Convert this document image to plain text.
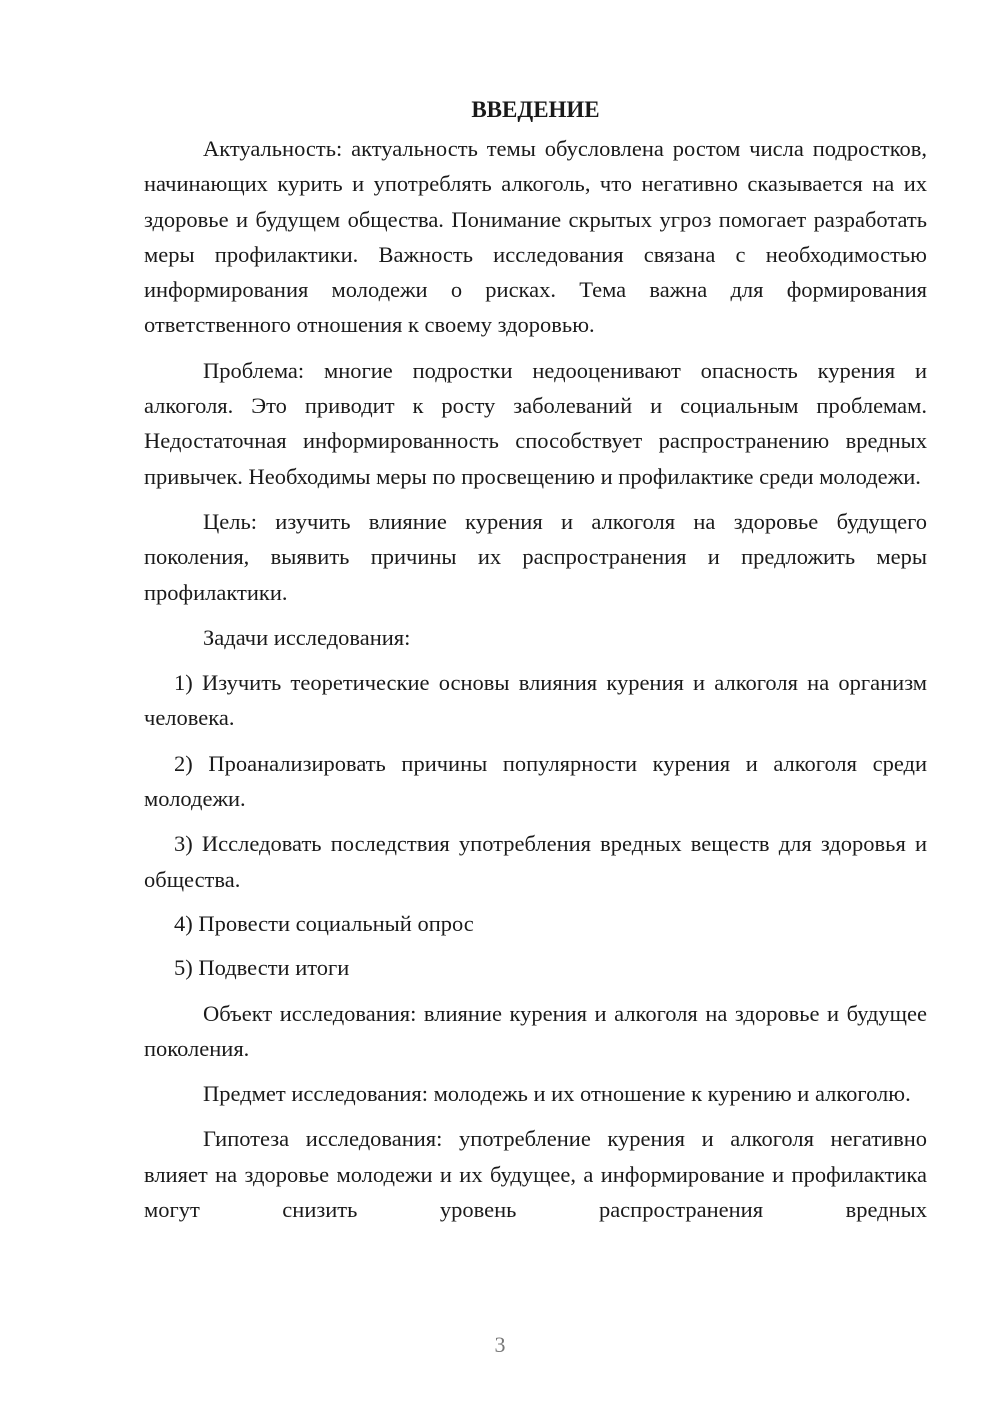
ВВЕДЕНИЕ

Актуальность: актуальность темы обусловлена ростом числа подростков, начинающих курить и употреблять алкоголь, что негативно сказывается на их здоровье и будущем общества. Понимание скрытых угроз помогает разработать меры профилактики. Важность исследования связана с необходимостью информирования молодежи о рисках. Тема важна для формирования ответственного отношения к своему здоровью.

Проблема: многие подростки недооценивают опасность курения и алкоголя. Это приводит к росту заболеваний и социальным проблемам. Недостаточная информированность способствует распространению вредных привычек. Необходимы меры по просвещению и профилактике среди молодежи.

Цель: изучить влияние курения и алкоголя на здоровье будущего поколения, выявить причины их распространения и предложить меры профилактики.

Задачи исследования:

1) Изучить теоретические основы влияния курения и алкоголя на организм человека.

2) Проанализировать причины популярности курения и алкоголя среди молодежи.

3) Исследовать последствия употребления вредных веществ для здоровья и общества.

4) Провести социальный опрос

5) Подвести итоги

Объект исследования: влияние курения и алкоголя на здоровье и будущее поколения.

Предмет исследования: молодежь и их отношение к курению и алкоголю.

Гипотеза исследования: употребление курения и алкоголя негативно влияет на здоровье молодежи и их будущее, а информирование и профилактика могут снизить уровень распространения вредных

3
